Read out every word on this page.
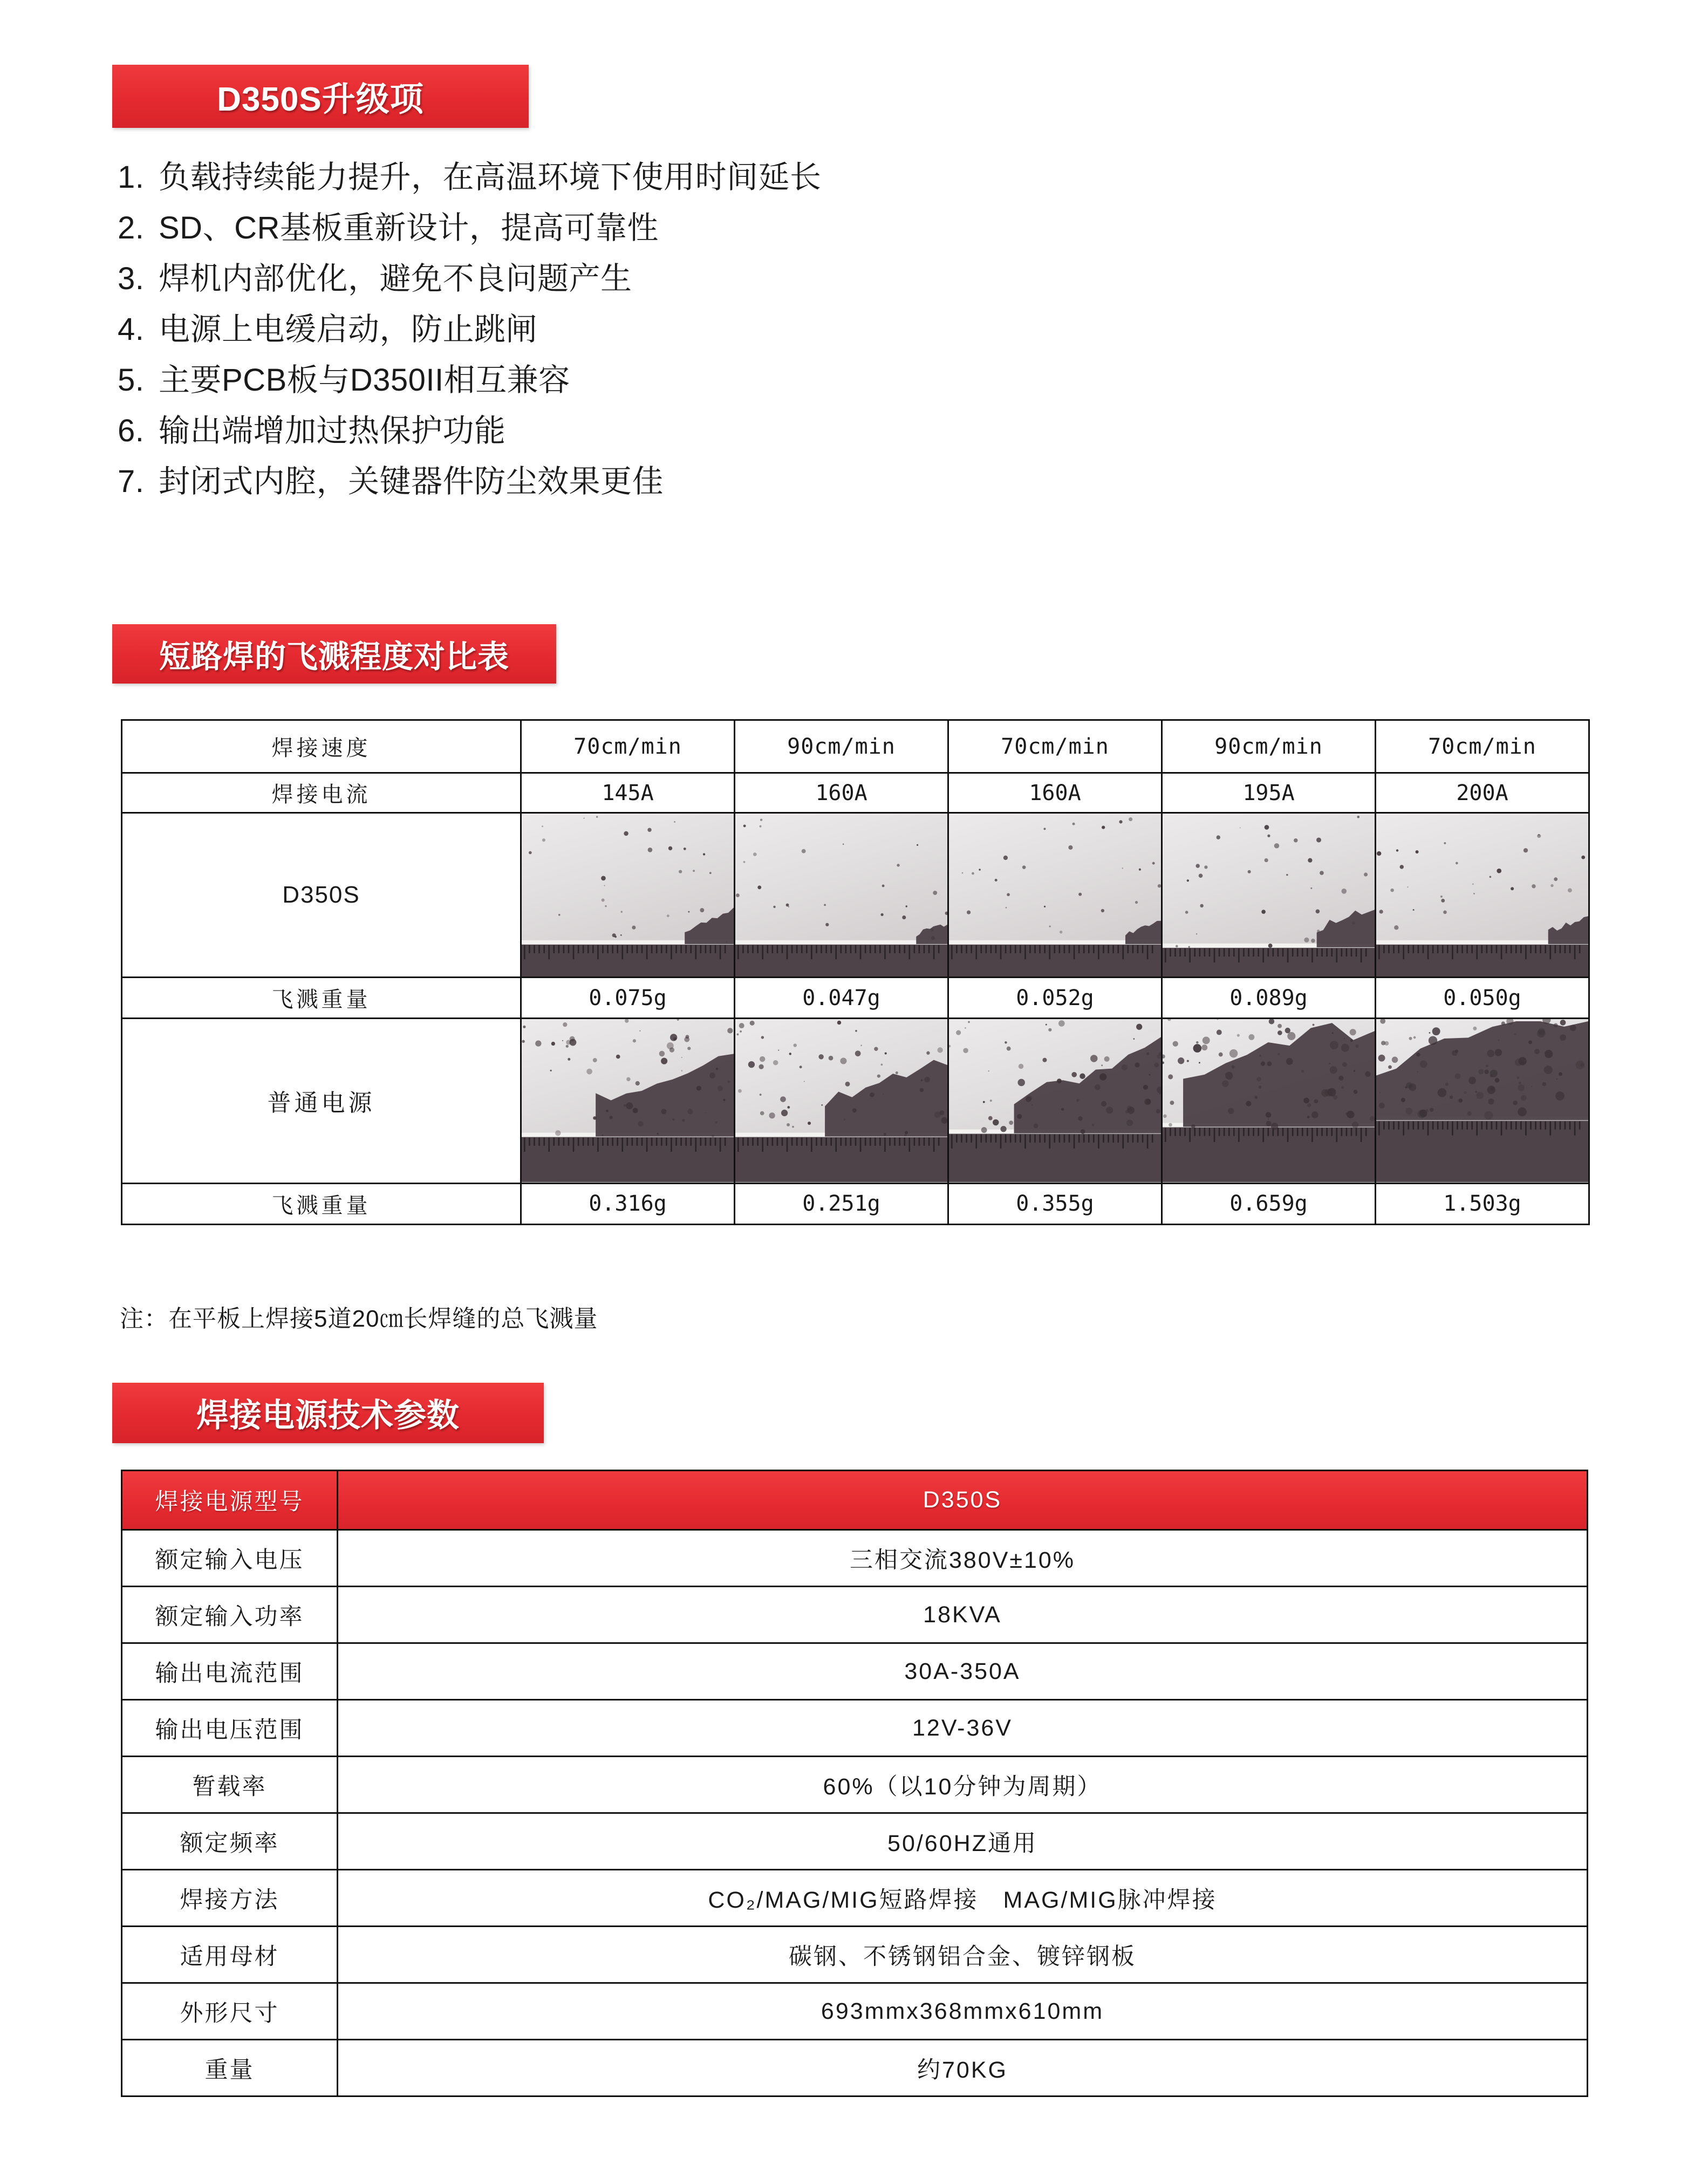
D350S升级项
1. 负载持续能力提升，在高温环境下使用时间延长
2. SD、CR基板重新设计，提高可靠性
3. 焊机内部优化，避免不良问题产生
4. 电源上电缓启动，防止跳闸
5. 主要PCB板与D350II相互兼容
6. 输出端增加过热保护功能
7. 封闭式内腔，关键器件防尘效果更佳
短路焊的飞溅程度对比表
焊接速度	70cm/min	90cm/min	70cm/min	90cm/min	70cm/min
焊接电流	145A	160A	160A	195A	200A
D350S	

飞溅重量	0.075g	0.047g	0.052g	0.089g	0.050g
普通电源	

飞溅重量	0.316g	0.251g	0.355g	0.659g	1.503g
注：在平板上焊接5道20㎝长焊缝的总飞溅量
焊接电源技术参数
焊接电源型号	D350S
额定输入电压	三相交流380V±10%
额定输入功率	18KVA
输出电流范围	30A-350A
输出电压范围	12V-36V
暂载率	60%（以10分钟为周期）
额定频率	50/60HZ通用
焊接方法	CO₂/MAG/MIG短路焊接　MAG/MIG脉冲焊接
适用母材	碳钢、不锈钢铝合金、镀锌钢板
外形尺寸	693mmx368mmx610mm
重量	约70KG
